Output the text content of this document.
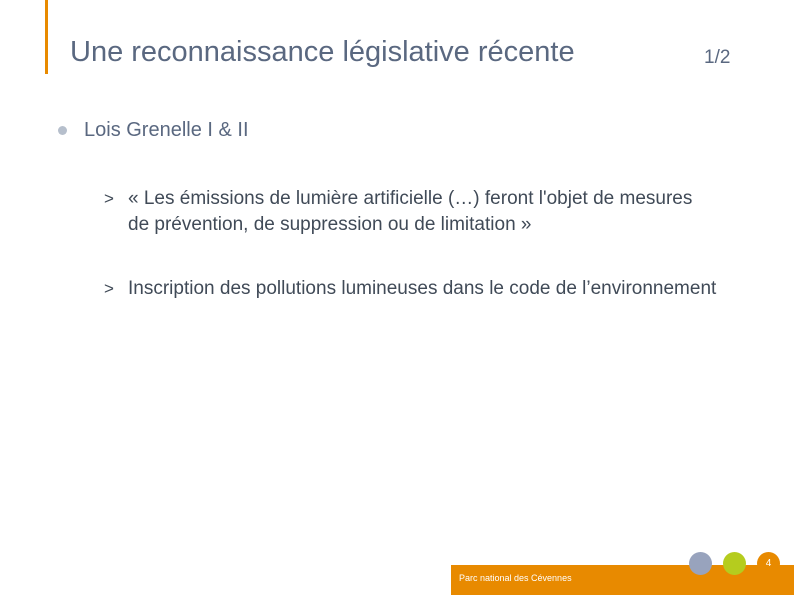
Une reconnaissance législative récente	1/2
Lois Grenelle I & II
> « Les émissions de lumière artificielle (…) feront l'objet de mesures de prévention, de suppression ou de limitation »
> Inscription des pollutions lumineuses dans le code de l’environnement
Parc national des Cévennes
4
